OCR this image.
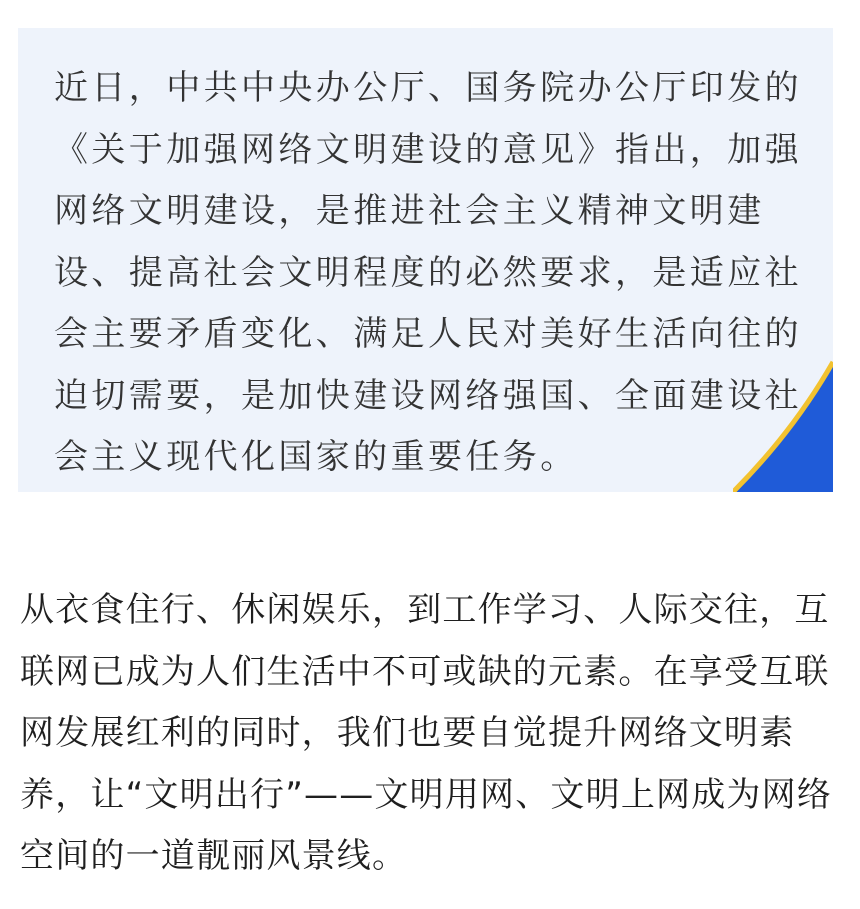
近日，中共中央办公厅、国务院办公厅印发的《关于加强网络文明建设的意见》指出，加强网络文明建设，是推进社会主义精神文明建设、提高社会文明程度的必然要求，是适应社会主要矛盾变化、满足人民对美好生活向往的迫切需要，是加快建设网络强国、全面建设社会主义现代化国家的重要任务。

从衣食住行、休闲娱乐，到工作学习、人际交往，互联网已成为人们生活中不可或缺的元素。在享受互联网发展红利的同时，我们也要自觉提升网络文明素养，让“文明出行”——文明用网、文明上网成为网络空间的一道靓丽风景线。
